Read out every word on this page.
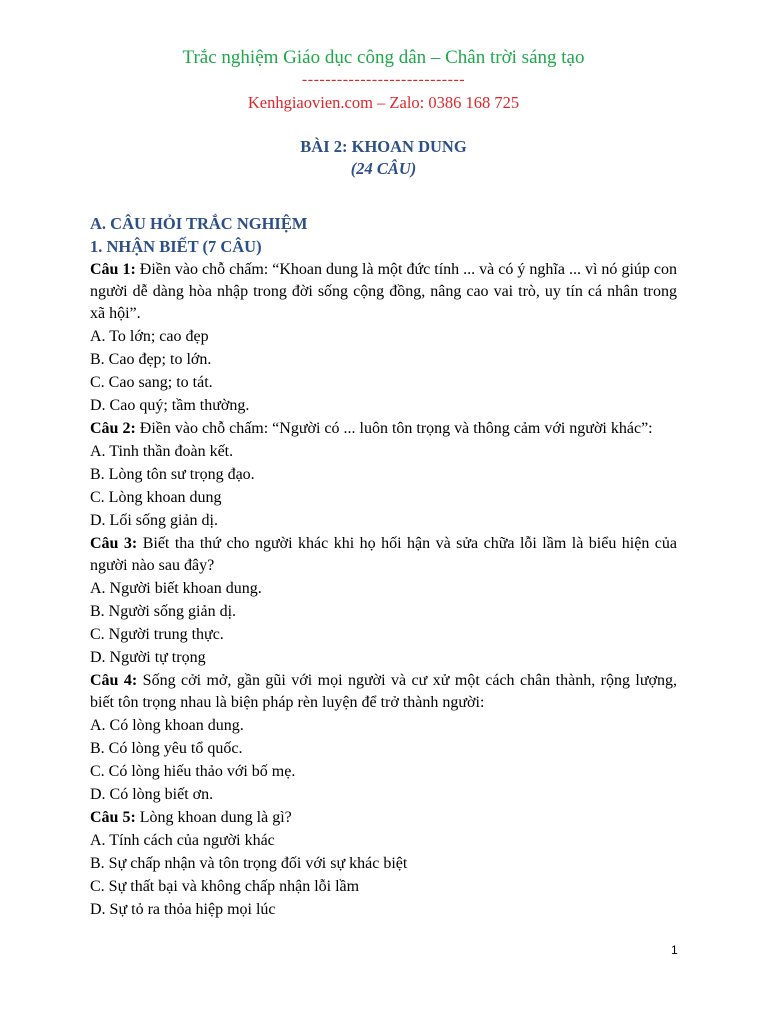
Trắc nghiệm Giáo dục công dân – Chân trời sáng tạo
----------------------------
Kenhgiaovien.com – Zalo: 0386 168 725
BÀI 2: KHOAN DUNG
(24 CÂU)
A. CÂU HỎI TRẮC NGHIỆM
1. NHẬN BIẾT (7 CÂU)
Câu 1: Điền vào chỗ chấm: “Khoan dung là một đức tính ... và có ý nghĩa ... vì nó giúp con người dễ dàng hòa nhập trong đời sống cộng đồng, nâng cao vai trò, uy tín cá nhân trong xã hội”.
A. To lớn; cao đẹp
B. Cao đẹp; to lớn.
C. Cao sang; to tát.
D. Cao quý; tầm thường.
Câu 2: Điền vào chỗ chấm: “Người có ... luôn tôn trọng và thông cảm với người khác”:
A. Tinh thần đoàn kết.
B. Lòng tôn sư trọng đạo.
C. Lòng khoan dung
D. Lối sống giản dị.
Câu 3: Biết tha thứ cho người khác khi họ hối hận và sửa chữa lỗi lầm là biểu hiện của người nào sau đây?
A. Người biết khoan dung.
B. Người sống giản dị.
C. Người trung thực.
D. Người tự trọng
Câu 4: Sống cởi mở, gần gũi với mọi người và cư xử một cách chân thành, rộng lượng, biết tôn trọng nhau là biện pháp rèn luyện để trở thành người:
A. Có lòng khoan dung.
B. Có lòng yêu tổ quốc.
C. Có lòng hiếu thảo với bố mẹ.
D. Có lòng biết ơn.
Câu 5: Lòng khoan dung là gì?
A. Tính cách của người khác
B. Sự chấp nhận và tôn trọng đối với sự khác biệt
C. Sự thất bại và không chấp nhận lỗi lầm
D. Sự tỏ ra thỏa hiệp mọi lúc
1
